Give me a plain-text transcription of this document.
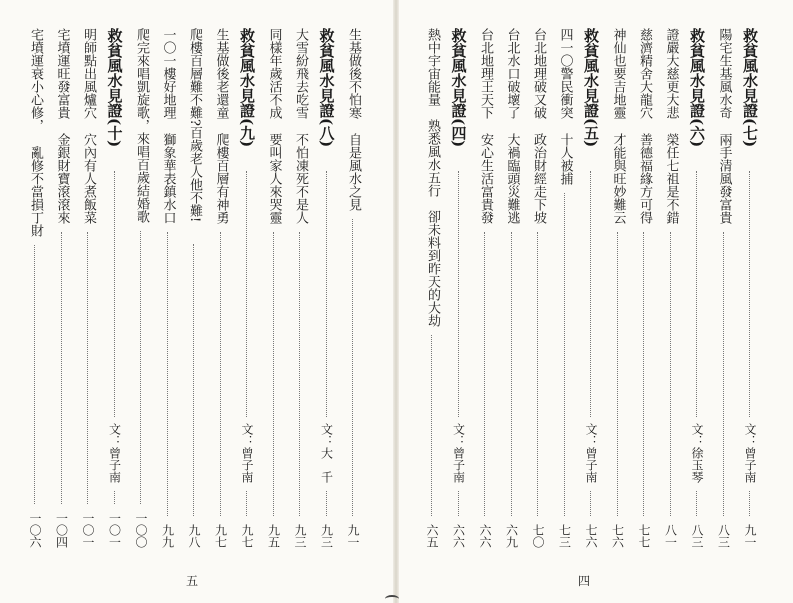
生基做後不怕寒
自是風水之見
九一
救貧風水見證(八)
文：大　千
九三
大雪紛飛去吃雪
不怕凍死不是人
九三
同樣年歲活不成
要叫家人來哭靈
九五
救貧風水見證(九)
文：曾子南
九七
生基做後老還童
爬樓百層有神勇
九七
爬樓百層難不難?百歲老人他不難!
九八
一〇一樓好地理
獅象華表鎮水口
九九
爬完來唱凱旋歌，來唱百歲結婚歌
一〇〇
救貧風水見證(十)
文：曾子南
一〇一
明師點出風爐穴
穴內有人煮飯菜
一〇一
宅墳運旺發富貴
金銀財寶滾滾來
一〇四
宅墳運衰小心修，
亂修不當損丁財
一〇六
五
救貧風水見證(七)
文：曾子南
九一
陽宅生基風水奇
兩手清風發富貴
八三
救貧風水見證(六)
文：徐玉琴
八三
證嚴大慈更大悲
榮任七祖是不錯
八一
慈濟精舍大龍穴
善德福緣方可得
七七
神仙也要吉地靈
才能與旺妙難云
七六
救貧風水見證(五)
文：曾子南
七六
四一〇警民衝突
十人被捕
七三
台北地理破又破
政治財經走下坡
七〇
台北水口破壞了
大禍臨頭災難逃
六九
台北地理王天下
安心生活富貴發
六六
救貧風水見證(四)
文：曾子南
六六
熱中宇宙能量　熟悉風水五行　卻未料到昨天的大劫
六五
四
